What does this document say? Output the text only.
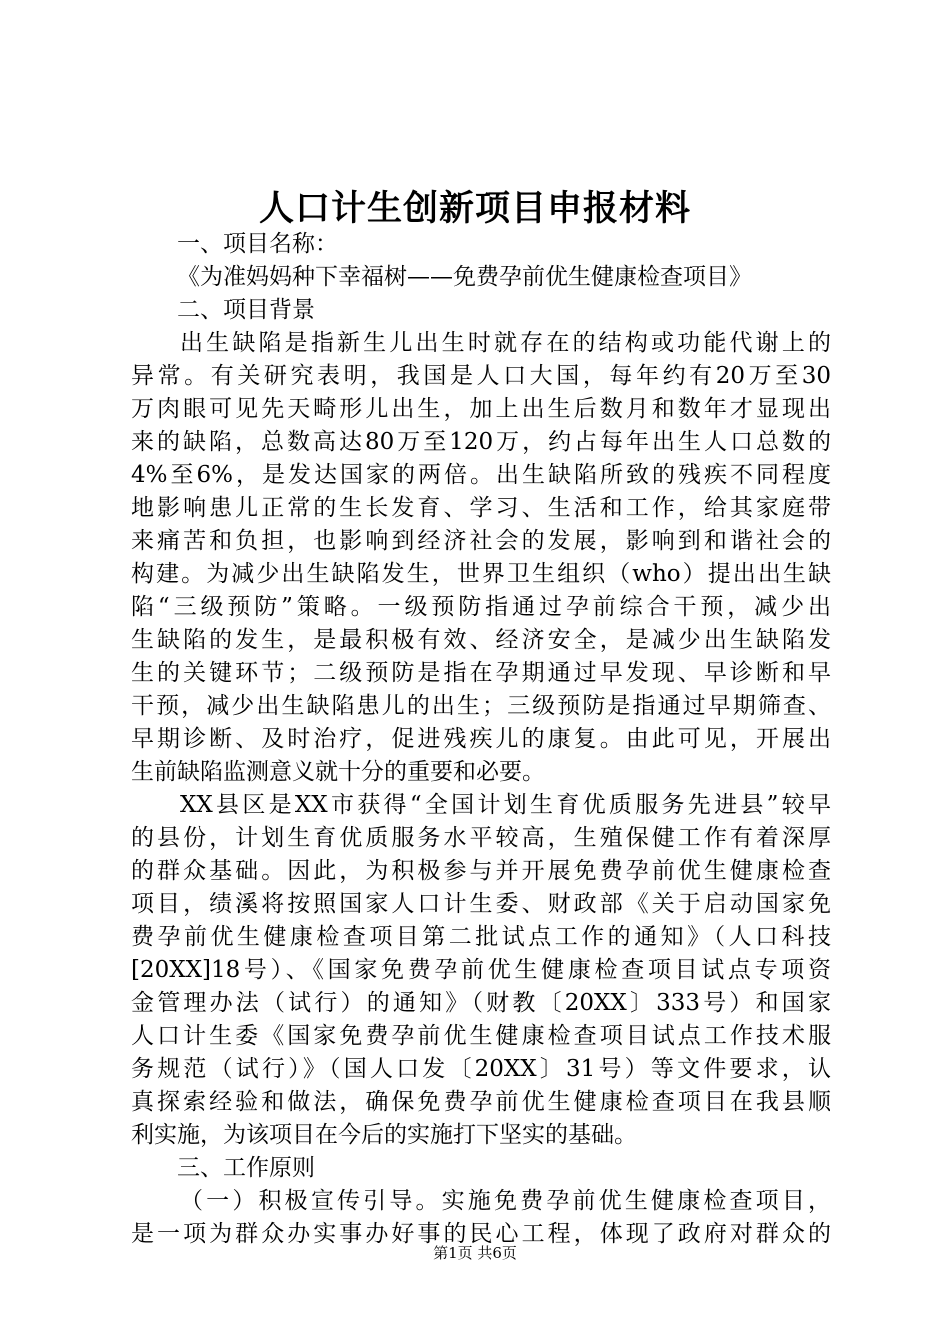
人口计生创新项目申报材料
一、项目名称：
《为准妈妈种下幸福树——免费孕前优生健康检查项目》
二、项目背景
出生缺陷是指新生儿出生时就存在的结构或功能代谢上的
异常。有关研究表明，我国是人口大国，每年约有20万至30
万肉眼可见先天畸形儿出生，加上出生后数月和数年才显现出
来的缺陷，总数高达80万至120万，约占每年出生人口总数的
4%至6%，是发达国家的两倍。出生缺陷所致的残疾不同程度
地影响患儿正常的生长发育、学习、生活和工作，给其家庭带
来痛苦和负担，也影响到经济社会的发展，影响到和谐社会的
构建。为减少出生缺陷发生，世界卫生组织（who）提出出生缺
陷“三级预防”策略。一级预防指通过孕前综合干预，减少出
生缺陷的发生，是最积极有效、经济安全，是减少出生缺陷发
生的关键环节；二级预防是指在孕期通过早发现、早诊断和早
干预，减少出生缺陷患儿的出生；三级预防是指通过早期筛查、
早期诊断、及时治疗，促进残疾儿的康复。由此可见，开展出
生前缺陷监测意义就十分的重要和必要。
XX县区是XX市获得“全国计划生育优质服务先进县”较早
的县份，计划生育优质服务水平较高，生殖保健工作有着深厚
的群众基础。因此，为积极参与并开展免费孕前优生健康检查
项目，绩溪将按照国家人口计生委、财政部《关于启动国家免
费孕前优生健康检查项目第二批试点工作的通知》（人口科技
[20XX]18号）、《国家免费孕前优生健康检查项目试点专项资
金管理办法（试行）的通知》（财教〔20XX〕333号）和国家
人口计生委《国家免费孕前优生健康检查项目试点工作技术服
务规范（试行）》（国人口发〔20XX〕31号）等文件要求，认
真探索经验和做法，确保免费孕前优生健康检查项目在我县顺
利实施，为该项目在今后的实施打下坚实的基础。
三、工作原则
（一）积极宣传引导。实施免费孕前优生健康检查项目，
是一项为群众办实事办好事的民心工程，体现了政府对群众的
第1页 共6页
